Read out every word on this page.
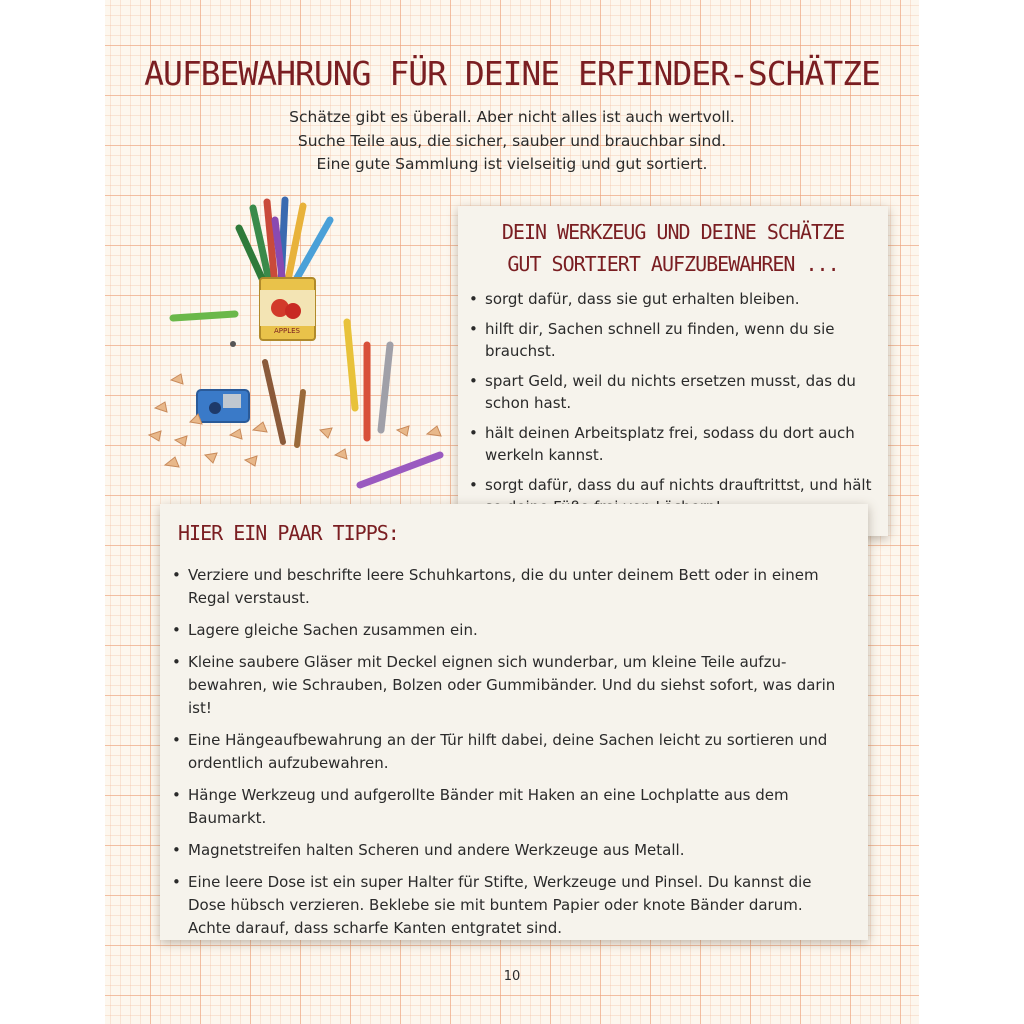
AUFBEWAHRUNG FÜR DEINE ERFINDER-SCHÄTZE
Schätze gibt es überall. Aber nicht alles ist auch wertvoll.
Suche Teile aus, die sicher, sauber und brauchbar sind.
Eine gute Sammlung ist vielseitig und gut sortiert.
APPLES
DEIN WERKZEUG UND DEINE SCHÄTZE
GUT SORTIERT AUFZUBEWAHREN ...
• sorgt dafür, dass sie gut erhalten bleiben.
• hilft dir, Sachen schnell zu finden, wenn du sie brauchst.
• spart Geld, weil du nichts ersetzen musst, das du schon hast.
• hält deinen Arbeitsplatz frei, sodass du dort auch werkeln kannst.
• sorgt dafür, dass du auf nichts drauftrittst, und hält
HIER EIN PAAR TIPPS:
• Verziere und beschrifte leere Schuhkartons, die du unter deinem Bett oder in einem Regal verstaust.
• Lagere gleiche Sachen zusammen ein.
• Kleine saubere Gläser mit Deckel eignen sich wunderbar, um kleine Teile aufzu- bewahren, wie Schrauben, Bolzen oder Gummibänder. Und du siehst sofort, was darin ist!
• Eine Hängeaufbewahrung an der Tür hilft dabei, deine Sachen leicht zu sortieren und ordentlich aufzubewahren.
• Hänge Werkzeug und aufgerollte Bänder mit Haken an eine Lochplatte aus dem Baumarkt.
• Magnetstreifen halten Scheren und andere Werkzeuge aus Metall.
• Eine leere Dose ist ein super Halter für Stifte, Werkzeuge und Pinsel. Du kannst die Dose hübsch verzieren. Beklebe sie mit buntem Papier oder knote Bänder darum. Achte darauf, dass scharfe Kanten entgratet sind.
10
